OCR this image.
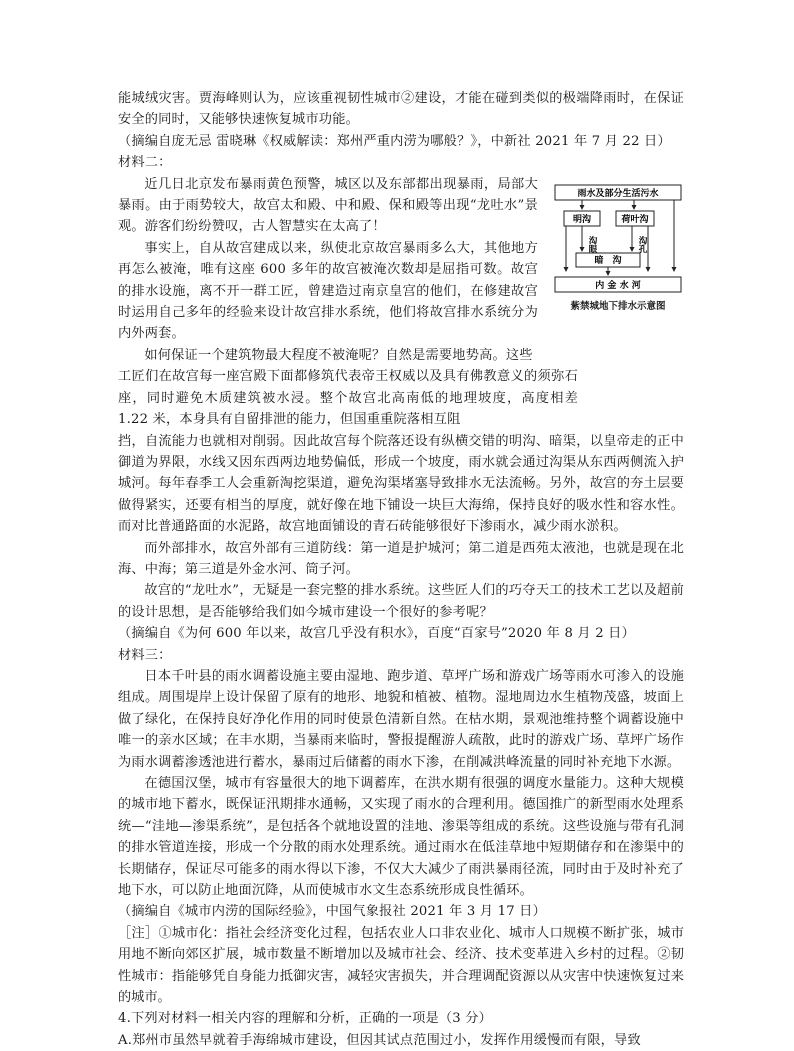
能城绒灾害。贾海峰则认为，应该重视韧性城市②建设，才能在碰到类似的极端降雨时，在保证安全的同时，又能够快速恢复城市功能。

（摘编自庞无忌 雷晓琳《权威解读：郑州严重内涝为哪般？》，中新社 2021 年 7 月 22 日）

材料二：

近几日北京发布暴雨黄色预警，城区以及东部都出现暴雨，局部大暴雨。由于雨势较大，故宫太和殿、中和殿、保和殿等出现“龙吐水”景观。游客们纷纷赞叹，古人智慧实在太高了！

事实上，自从故宫建成以来，纵使北京故宫暴雨多么大，其他地方再怎么被淹，唯有这座 600 多年的故宫被淹次数却是屈指可数。故宫的排水设施，离不开一群工匠，曾建造过南京皇宫的他们，在修建故宫时运用自己多年的经验来设计故宫排水系统，他们将故宫排水系统分为内外两套。

如何保证一个建筑物最大程度不被淹呢？自然是需要地势高。这些

工匠们在故宫每一座宫殿下面都修筑代表帝王权威以及具有佛教意义的须弥石座，同时避免木质建筑被水浸。整个故宫北高南低的地理坡度，高度相差 1.22 米，本身具有自留排泄的能力，但国重重院落相互阻

挡，自流能力也就相对削弱。因此故宫每个院落还设有纵横交错的明沟、暗渠，以皇帝走的正中御道为界限，水线又因东西两边地势偏低，形成一个坡度，雨水就会通过沟渠从东西两侧流入护城河。每年春季工人会重新淘挖渠道，避免沟渠堵塞导致排水无法流畅。另外，故宫的夯土层要做得紧实，还要有相当的厚度，就好像在地下铺设一块巨大海绵，保持良好的吸水性和容水性。而对比普通路面的水泥路，故宫地面铺设的青石砖能够很好下渗雨水，减少雨水淤积。

而外部排水，故宫外部有三道防线：第一道是护城河；第二道是西苑太液池，也就是现在北海、中海；第三道是外金水河、筒子河。

故宫的“龙吐水”，无疑是一套完整的排水系统。这些匠人们的巧夺天工的技术工艺以及超前的设计思想，是否能够给我们如今城市建设一个很好的参考呢？

（摘编自《为何 600 年以来，故宫几乎没有积水》，百度“百家号”2020 年 8 月 2 日）

材料三：

日本千叶县的雨水调蓄设施主要由湿地、跑步道、草坪广场和游戏广场等雨水可渗入的设施组成。周围堤岸上设计保留了原有的地形、地貌和植被、植物。湿地周边水生植物茂盛，坡面上做了绿化，在保持良好净化作用的同时使景色清新自然。在枯水期，景观池维持整个调蓄设施中唯一的亲水区域；在丰水期，当暴雨来临时，警报提醒游人疏散，此时的游戏广场、草坪广场作为雨水调蓄渗透池进行蓄水，暴雨过后储蓄的雨水下渗，在削减洪峰流量的同时补充地下水源。

在德国汉堡，城市有容量很大的地下调蓄库，在洪水期有很强的调度水量能力。这种大规模的城市地下蓄水，既保证汛期排水通畅，又实现了雨水的合理利用。德国推广的新型雨水处理系统—“洼地—渗渠系统”，是包括各个就地设置的洼地、渗渠等组成的系统。这些设施与带有孔洞的排水管道连接，形成一个分散的雨水处理系统。通过雨水在低洼草地中短期储存和在渗渠中的长期储存，保证尽可能多的雨水得以下渗，不仅大大减少了雨洪暴雨径流，同时由于及时补充了地下水，可以防止地面沉降，从而使城市水文生态系统形成良性循环。

（摘编自《城市内涝的国际经验》，中国气象报社 2021 年 3 月 17 日）

［注］①城市化：指社会经济变化过程，包括农业人口非农业化、城市人口规模不断扩张，城市用地不断向郊区扩展，城市数量不断增加以及城市社会、经济、技术变革进入乡村的过程。②韧性城市：指能够凭自身能力抵御灾害，减轻灾害损失，并合理调配资源以从灾害中快速恢复过来的城市。

4.下列对材料一相关内容的理解和分析，正确的一项是（3 分）

A.郑州市虽然早就着手海绵城市建设，但因其试点范围过小，发挥作用缓慢而有限，导致

雨水及部分生活污水
明沟	荷叶沟
沟眼	沟孔
暗　沟
内 金 水 河
紫禁城地下排水示意图
